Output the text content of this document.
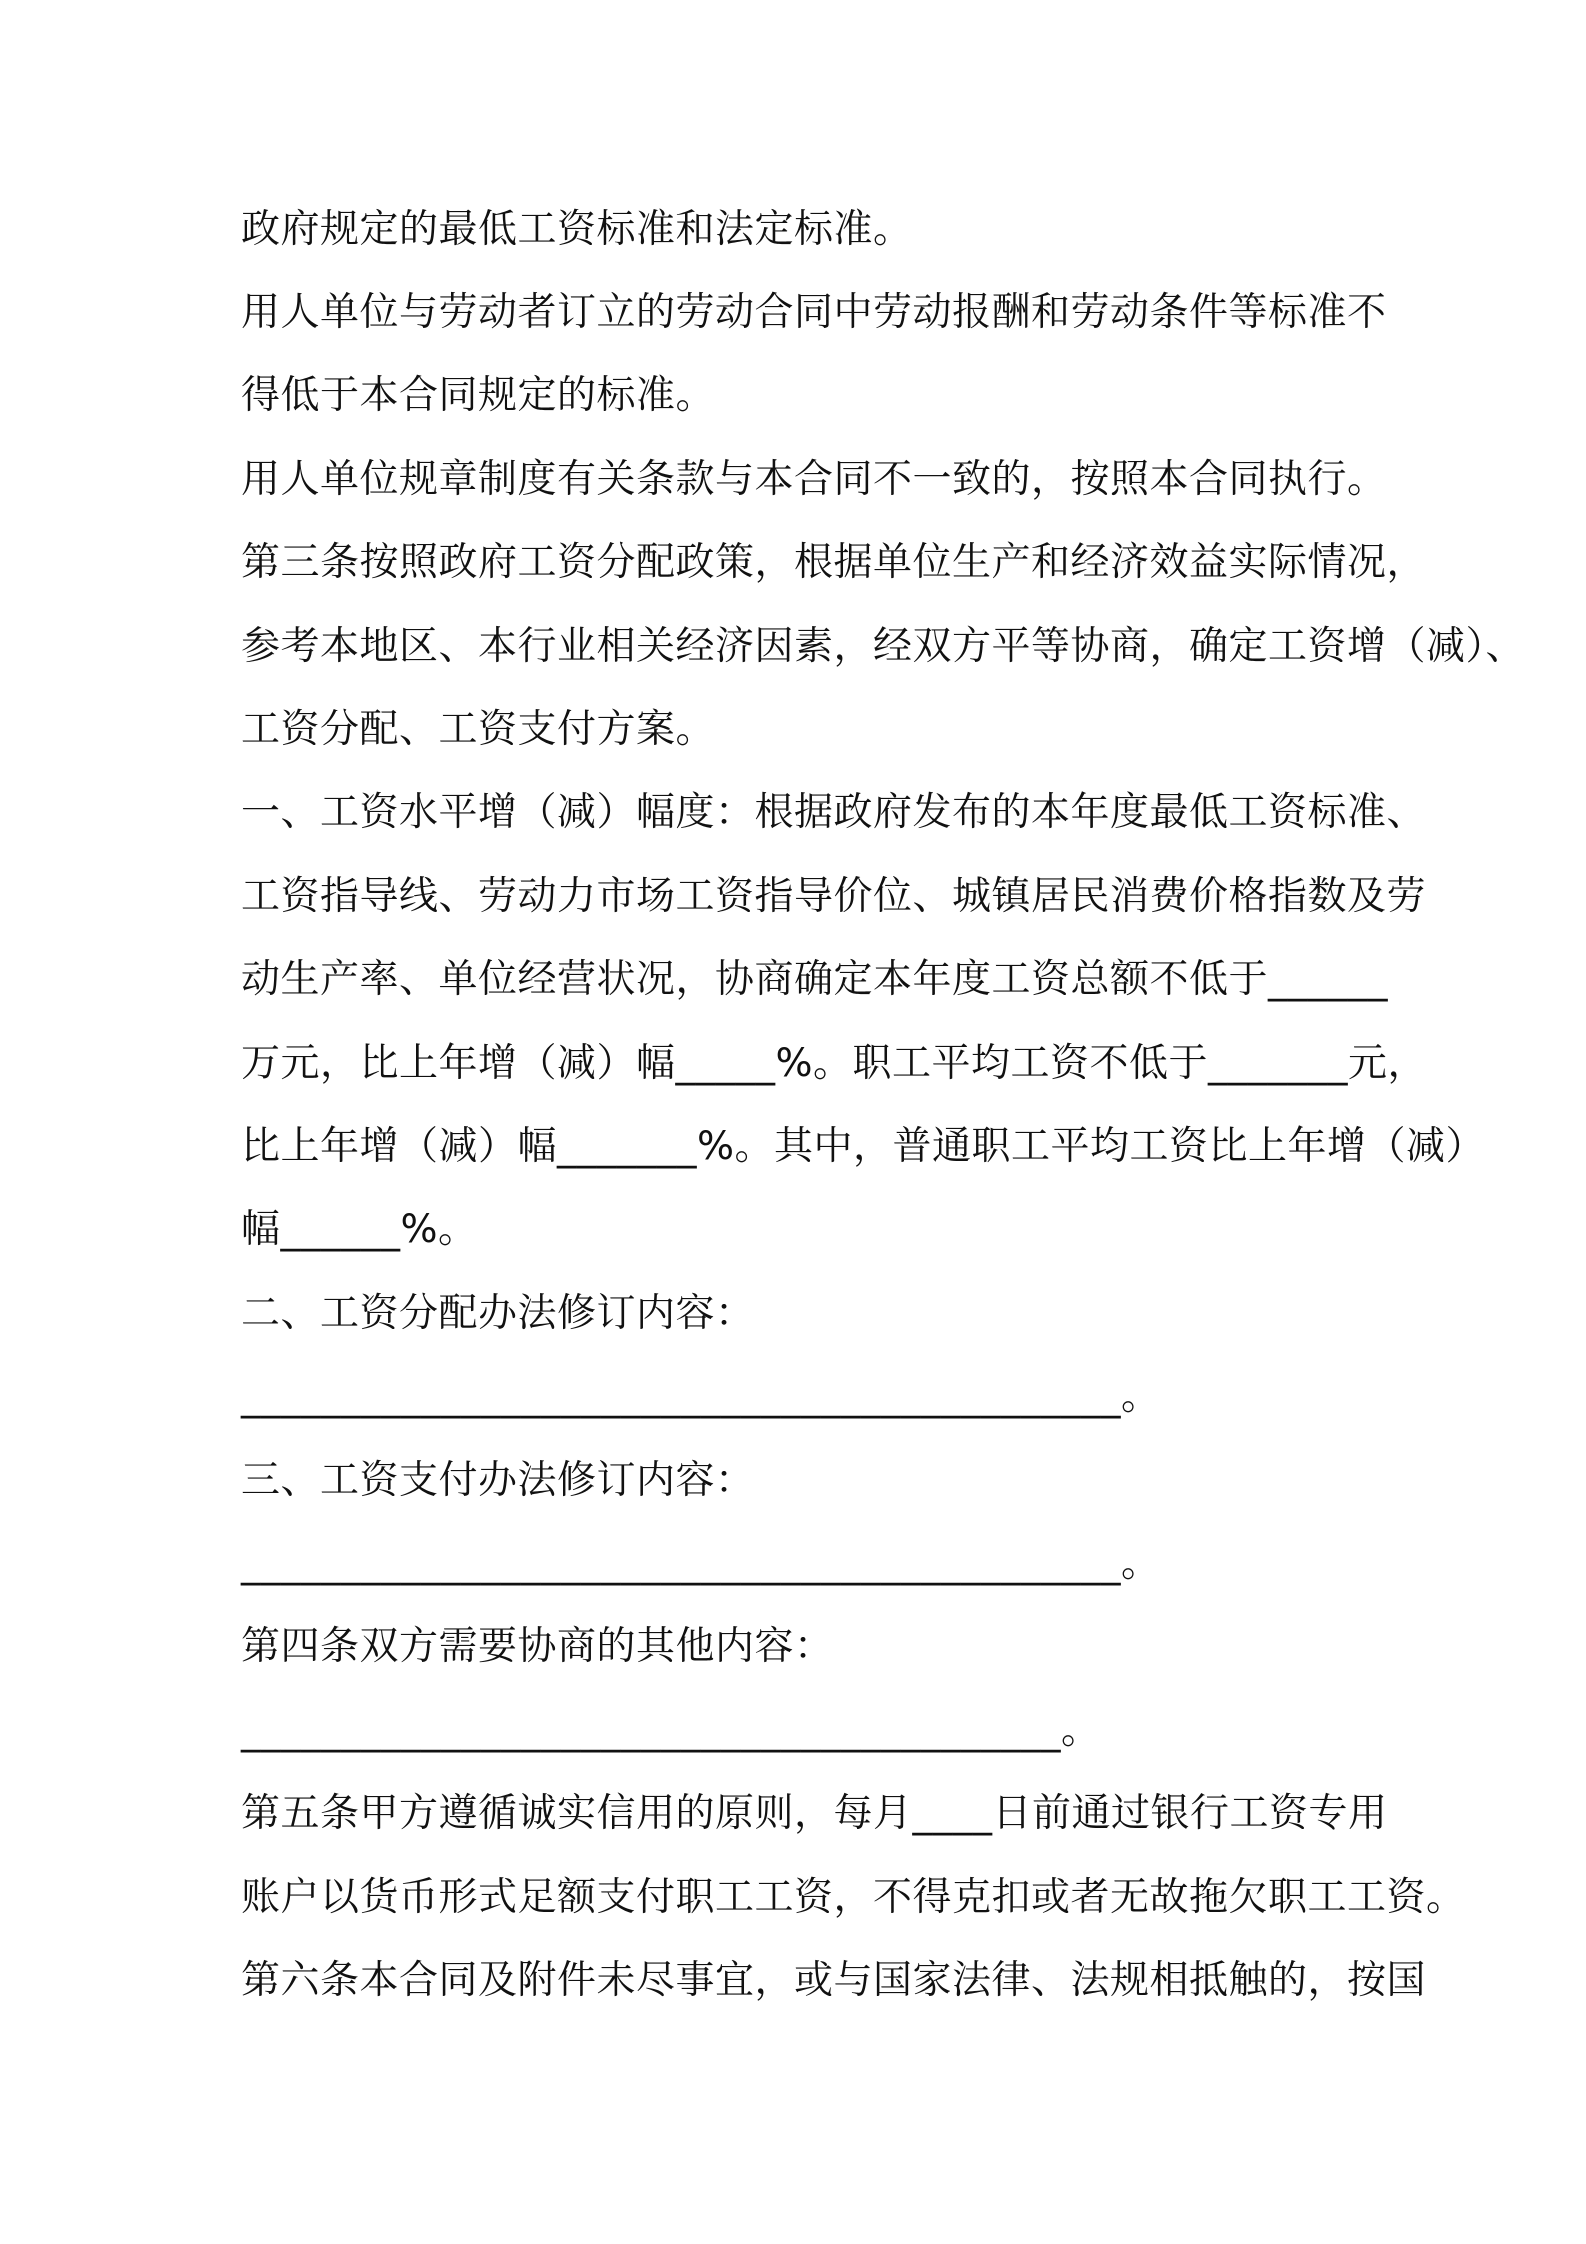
政府规定的最低工资标准和法定标准。

用人单位与劳动者订立的劳动合同中劳动报酬和劳动条件等标准不

得低于本合同规定的标准。

用人单位规章制度有关条款与本合同不一致的，按照本合同执行。

第三条按照政府工资分配政策，根据单位生产和经济效益实际情况，

参考本地区、本行业相关经济因素，经双方平等协商，确定工资增（减）、

工资分配、工资支付方案。

一、工资水平增（减）幅度：根据政府发布的本年度最低工资标准、

工资指导线、劳动力市场工资指导价位、城镇居民消费价格指数及劳

动生产率、单位经营状况，协商确定本年度工资总额不低于______

万元，比上年增（减）幅_____%。职工平均工资不低于_______元，

比上年增（减）幅_______%。其中，普通职工平均工资比上年增（减）

幅______%。

二、工资分配办法修订内容：

____________________________________________。

三、工资支付办法修订内容：

____________________________________________。

第四条双方需要协商的其他内容：

_________________________________________。

第五条甲方遵循诚实信用的原则，每月____日前通过银行工资专用

账户以货币形式足额支付职工工资，不得克扣或者无故拖欠职工工资。

第六条本合同及附件未尽事宜，或与国家法律、法规相抵触的，按国
